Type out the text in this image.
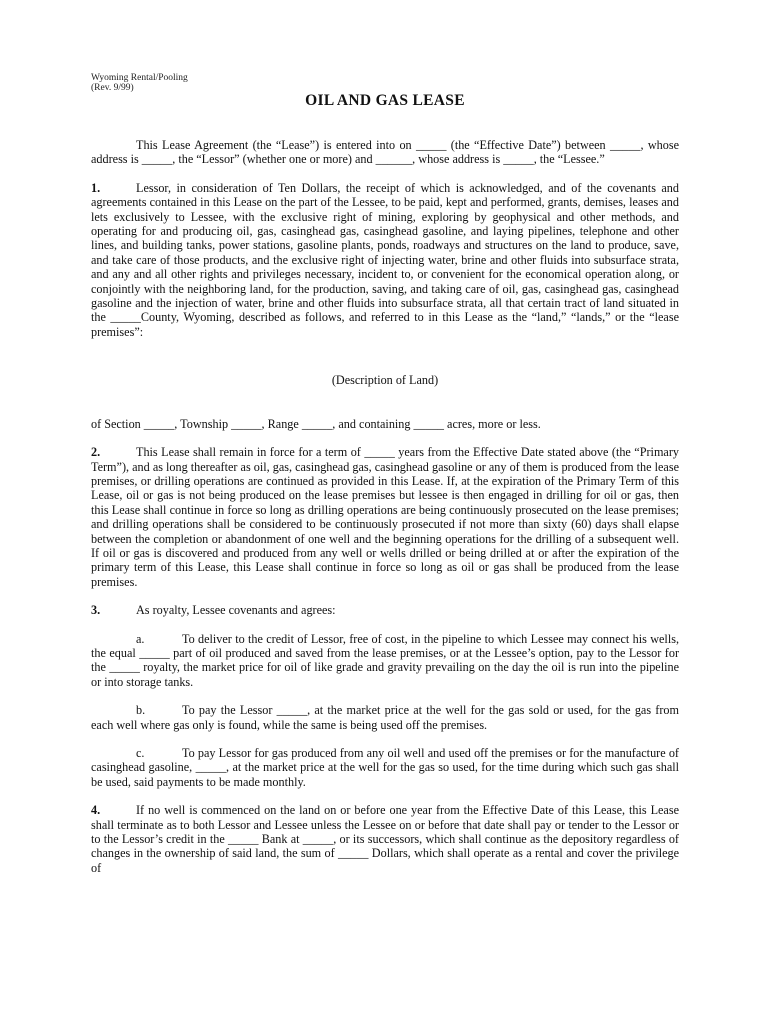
Wyoming Rental/Pooling
(Rev. 9/99)
OIL AND GAS LEASE

This Lease Agreement (the “Lease”) is entered into on _____ (the “Effective Date”) between _____, whose address is _____, the “Lessor” (whether one or more) and ______, whose address is _____, the “Lessee.”

1.	Lessor, in consideration of Ten Dollars, the receipt of which is acknowledged, and of the covenants and agreements contained in this Lease on the part of the Lessee, to be paid, kept and performed, grants, demises, leases and lets exclusively to Lessee, with the exclusive right of mining, exploring by geophysical and other methods, and operating for and producing oil, gas, casinghead gas, casinghead gasoline, and laying pipelines, telephone and other lines, and building tanks, power stations, gasoline plants, ponds, roadways and structures on the land to produce, save, and take care of those products, and the exclusive right of injecting water, brine and other fluids into subsurface strata, and any and all other rights and privileges necessary, incident to, or convenient for the economical operation along, or conjointly with the neighboring land, for the production, saving, and taking care of oil, gas, casinghead gas, casinghead gasoline and the injection of water, brine and other fluids into subsurface strata, all that certain tract of land situated in the _____County, Wyoming, described as follows, and referred to in this Lease as the “land,” “lands,” or the “lease premises”:

(Description of Land)

of Section _____, Township _____, Range _____, and containing _____ acres, more or less.

2.	This Lease shall remain in force for a term of _____ years from the Effective Date stated above (the “Primary Term”), and as long thereafter as oil, gas, casinghead gas, casinghead gasoline or any of them is produced from the lease premises, or drilling operations are continued as provided in this Lease. If, at the expiration of the Primary Term of this Lease, oil or gas is not being produced on the lease premises but lessee is then engaged in drilling for oil or gas, then this Lease shall continue in force so long as drilling operations are being continuously prosecuted on the lease premises; and drilling operations shall be considered to be continuously prosecuted if not more than sixty (60) days shall elapse between the completion or abandonment of one well and the beginning operations for the drilling of a subsequent well. If oil or gas is discovered and produced from any well or wells drilled or being drilled at or after the expiration of the primary term of this Lease, this Lease shall continue in force so long as oil or gas shall be produced from the lease premises.

3.	As royalty, Lessee covenants and agrees:

a.	To deliver to the credit of Lessor, free of cost, in the pipeline to which Lessee may connect his wells, the equal _____ part of oil produced and saved from the lease premises, or at the Lessee’s option, pay to the Lessor for the _____ royalty, the market price for oil of like grade and gravity prevailing on the day the oil is run into the pipeline or into storage tanks.

b.	To pay the Lessor _____, at the market price at the well for the gas sold or used, for the gas from each well where gas only is found, while the same is being used off the premises.

c.	To pay Lessor for gas produced from any oil well and used off the premises or for the manufacture of casinghead gasoline, _____, at the market price at the well for the gas so used, for the time during which such gas shall be used, said payments to be made monthly.

4.	If no well is commenced on the land on or before one year from the Effective Date of this Lease, this Lease shall terminate as to both Lessor and Lessee unless the Lessee on or before that date shall pay or tender to the Lessor or to the Lessor’s credit in the _____ Bank at _____, or its successors, which shall continue as the depository regardless of changes in the ownership of said land, the sum of _____ Dollars, which shall operate as a rental and cover the privilege of
